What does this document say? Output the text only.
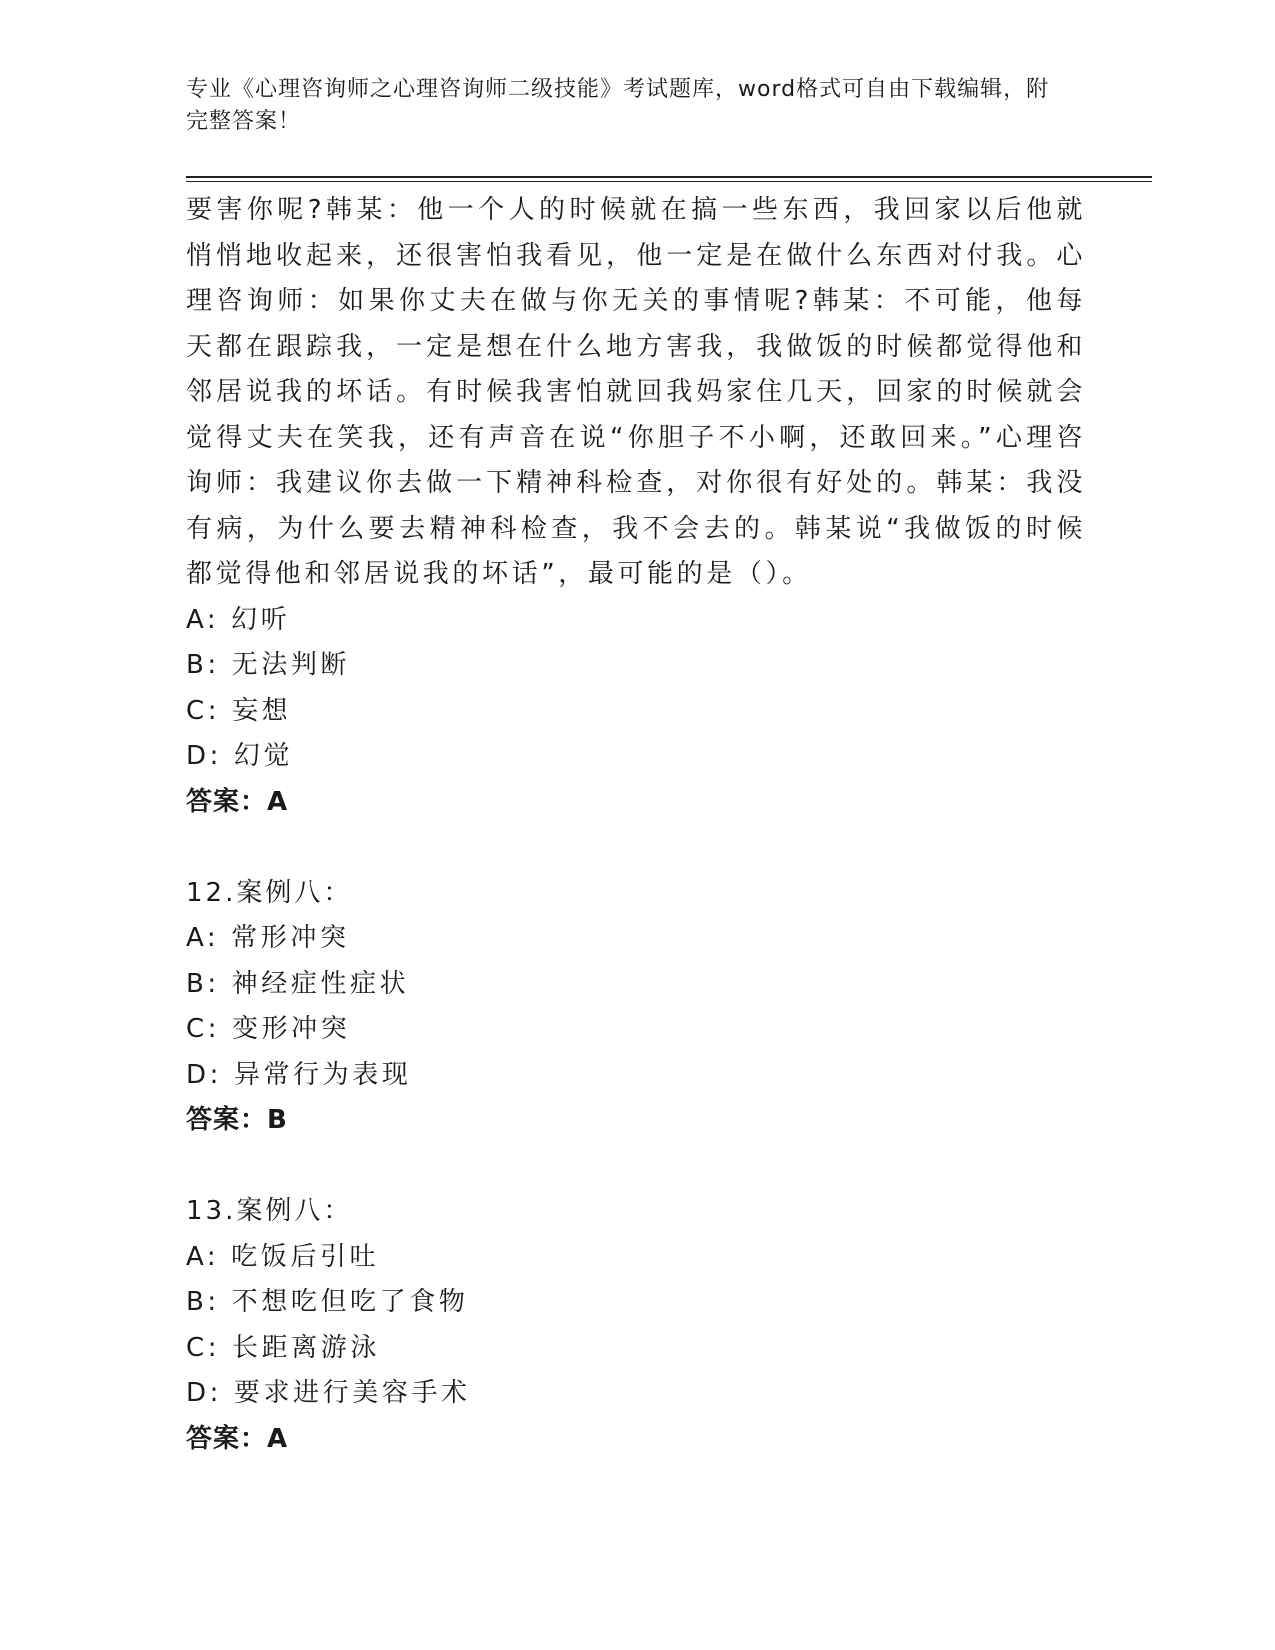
专业《心理咨询师之心理咨询师二级技能》考试题库，word格式可自由下载编辑，附完整答案！

要害你呢?韩某：他一个人的时候就在搞一些东西，我回家以后他就悄悄地收起来，还很害怕我看见，他一定是在做什么东西对付我。心理咨询师：如果你丈夫在做与你无关的事情呢?韩某：不可能，他每天都在跟踪我，一定是想在什么地方害我，我做饭的时候都觉得他和邻居说我的坏话。有时候我害怕就回我妈家住几天，回家的时候就会觉得丈夫在笑我，还有声音在说“你胆子不小啊，还敢回来。”心理咨询师：我建议你去做一下精神科检查，对你很有好处的。韩某：我没有病，为什么要去精神科检查，我不会去的。韩某说“我做饭的时候都觉得他和邻居说我的坏话”，最可能的是（）。

A: 幻听

B: 无法判断

C: 妄想

D: 幻觉

答案：A

12.案例八：

A: 常形冲突

B: 神经症性症状

C: 变形冲突

D: 异常行为表现

答案：B

13.案例八：

A: 吃饭后引吐

B: 不想吃但吃了食物

C: 长距离游泳

D: 要求进行美容手术

答案：A
